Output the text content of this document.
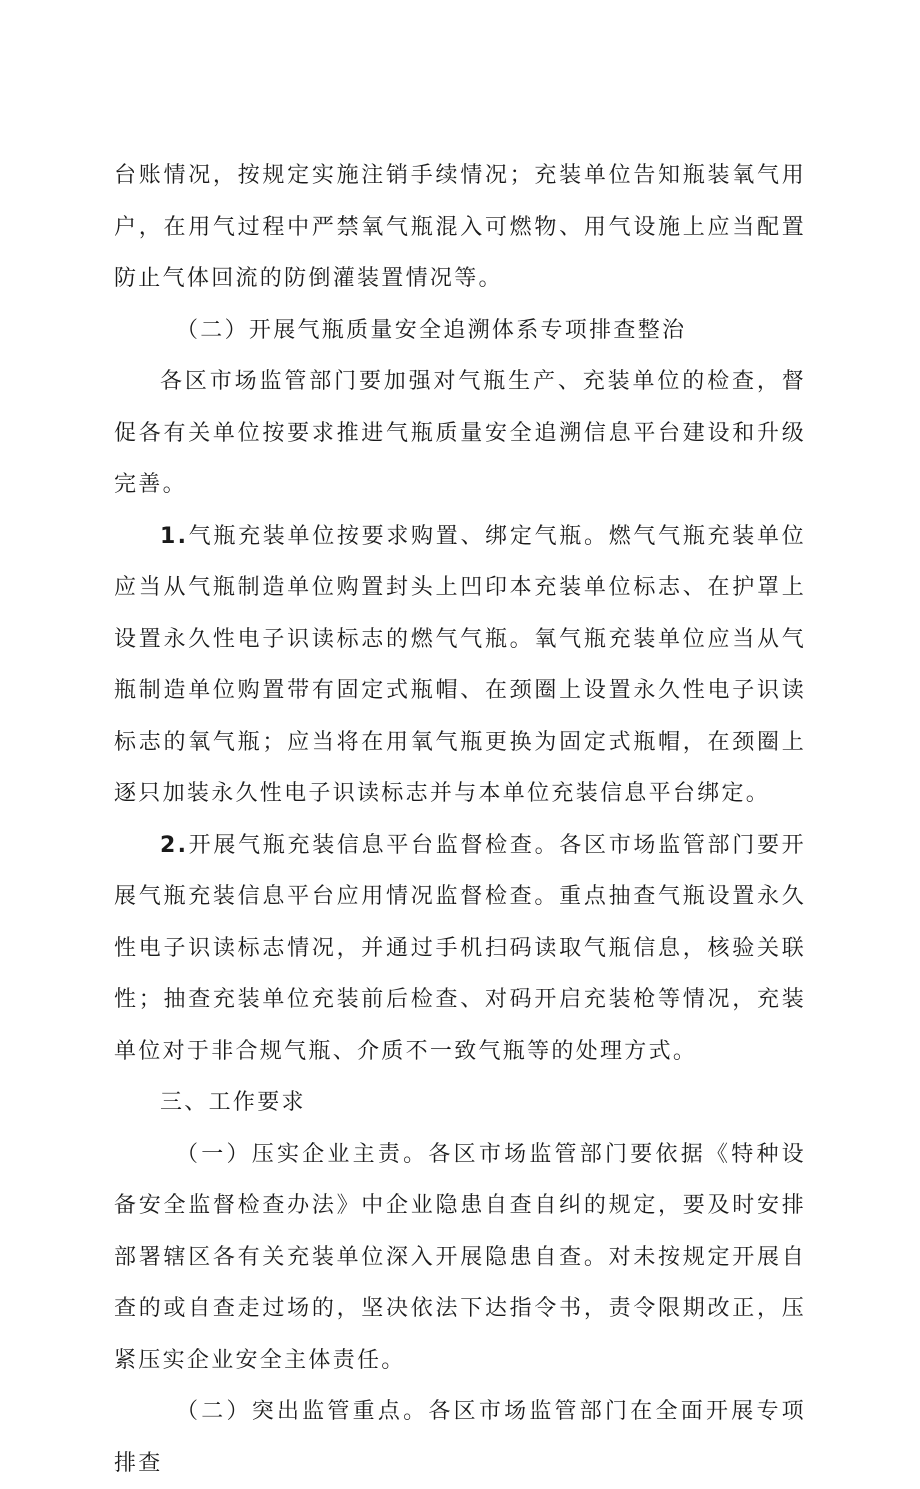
台账情况，按规定实施注销手续情况；充装单位告知瓶装氧气用户，在用气过程中严禁氧气瓶混入可燃物、用气设施上应当配置防止气体回流的防倒灌装置情况等。

（二）开展气瓶质量安全追溯体系专项排查整治

各区市场监管部门要加强对气瓶生产、充装单位的检查，督促各有关单位按要求推进气瓶质量安全追溯信息平台建设和升级完善。

1.气瓶充装单位按要求购置、绑定气瓶。燃气气瓶充装单位应当从气瓶制造单位购置封头上凹印本充装单位标志、在护罩上设置永久性电子识读标志的燃气气瓶。氧气瓶充装单位应当从气瓶制造单位购置带有固定式瓶帽、在颈圈上设置永久性电子识读标志的氧气瓶；应当将在用氧气瓶更换为固定式瓶帽，在颈圈上逐只加装永久性电子识读标志并与本单位充装信息平台绑定。

2.开展气瓶充装信息平台监督检查。各区市场监管部门要开展气瓶充装信息平台应用情况监督检查。重点抽查气瓶设置永久性电子识读标志情况，并通过手机扫码读取气瓶信息，核验关联性；抽查充装单位充装前后检查、对码开启充装枪等情况，充装单位对于非合规气瓶、介质不一致气瓶等的处理方式。

三、工作要求

（一）压实企业主责。各区市场监管部门要依据《特种设备安全监督检查办法》中企业隐患自查自纠的规定，要及时安排部署辖区各有关充装单位深入开展隐患自查。对未按规定开展自查的或自查走过场的，坚决依法下达指令书，责令限期改正，压紧压实企业安全主体责任。

（二）突出监管重点。各区市场监管部门在全面开展专项排查
